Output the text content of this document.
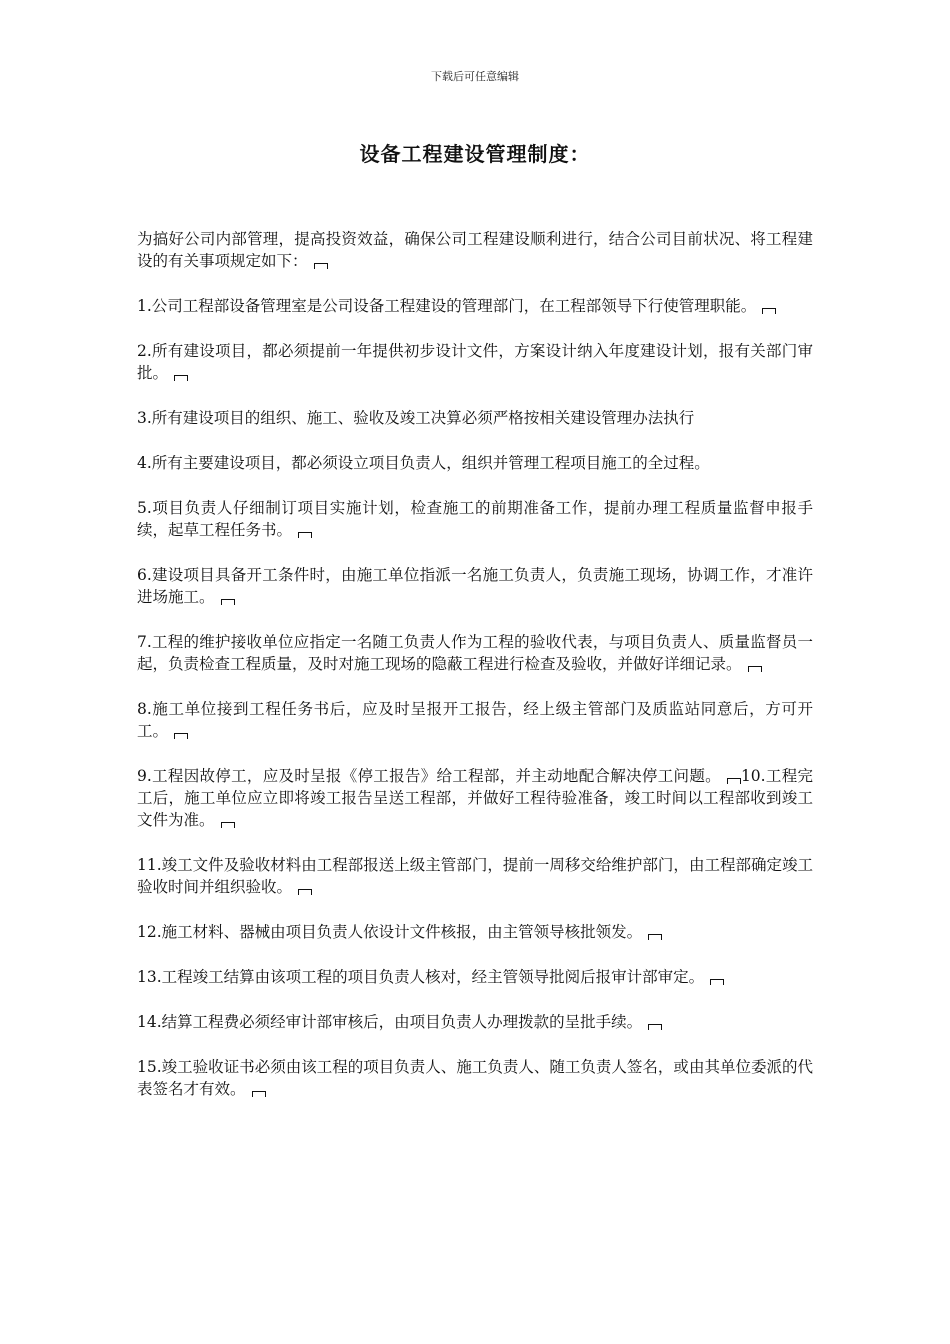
下载后可任意编辑
设备工程建设管理制度：

为搞好公司内部管理，提高投资效益，确保公司工程建设顺利进行，结合公司目前状况、将工程建设的有关事项规定如下：

1.公司工程部设备管理室是公司设备工程建设的管理部门，在工程部领导下行使管理职能。

2.所有建设项目，都必须提前一年提供初步设计文件，方案设计纳入年度建设计划，报有关部门审批。

3.所有建设项目的组织、施工、验收及竣工决算必须严格按相关建设管理办法执行

4.所有主要建设项目，都必须设立项目负责人，组织并管理工程项目施工的全过程。

5.项目负责人仔细制订项目实施计划，检查施工的前期准备工作，提前办理工程质量监督申报手续，起草工程任务书。

6.建设项目具备开工条件时，由施工单位指派一名施工负责人，负责施工现场，协调工作，才准许进场施工。

7.工程的维护接收单位应指定一名随工负责人作为工程的验收代表，与项目负责人、质量监督员一起，负责检查工程质量，及时对施工现场的隐蔽工程进行检查及验收，并做好详细记录。

8.施工单位接到工程任务书后，应及时呈报开工报告，经上级主管部门及质监站同意后，方可开工。

9.工程因故停工，应及时呈报《停工报告》给工程部，并主动地配合解决停工问题。 10.工程完工后，施工单位应立即将竣工报告呈送工程部，并做好工程待验准备，竣工时间以工程部收到竣工文件为准。

11.竣工文件及验收材料由工程部报送上级主管部门，提前一周移交给维护部门，由工程部确定竣工验收时间并组织验收。

12.施工材料、器械由项目负责人依设计文件核报，由主管领导核批领发。

13.工程竣工结算由该项工程的项目负责人核对，经主管领导批阅后报审计部审定。

14.结算工程费必须经审计部审核后，由项目负责人办理拨款的呈批手续。

15.竣工验收证书必须由该工程的项目负责人、施工负责人、随工负责人签名，或由其单位委派的代表签名才有效。
